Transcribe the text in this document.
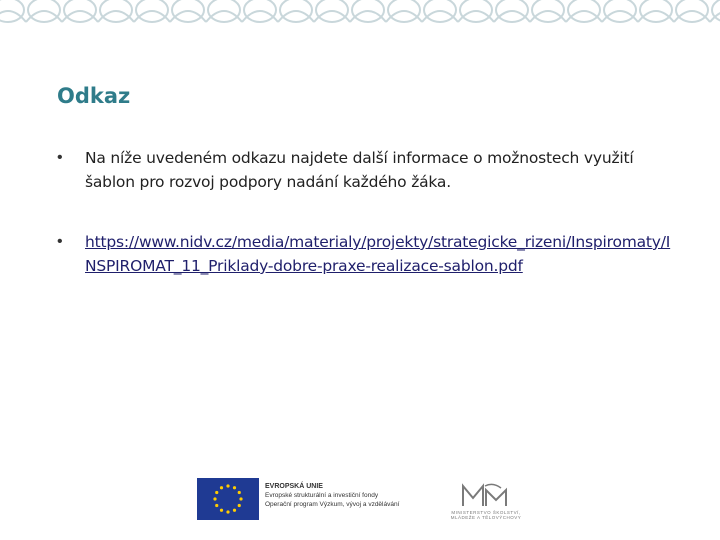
Odkaz
• Na níže uvedeném odkazu najdete další informace o možnostech využití šablon pro rozvoj podpory nadání každého žáka.
• https://www.nidv.cz/media/materialy/projekty/strategicke_rizeni/Inspiromaty/INSPIROMAT_11_Priklady-dobre-praxe-realizace-sablon.pdf
EVROPSKÁ UNIE
Evropské strukturální a investiční fondy
Operační program Výzkum, vývoj a vzdělávání
MINISTERSTVO ŠKOLSTVÍ, MLÁDEŽE A TĚLOVÝCHOVY
